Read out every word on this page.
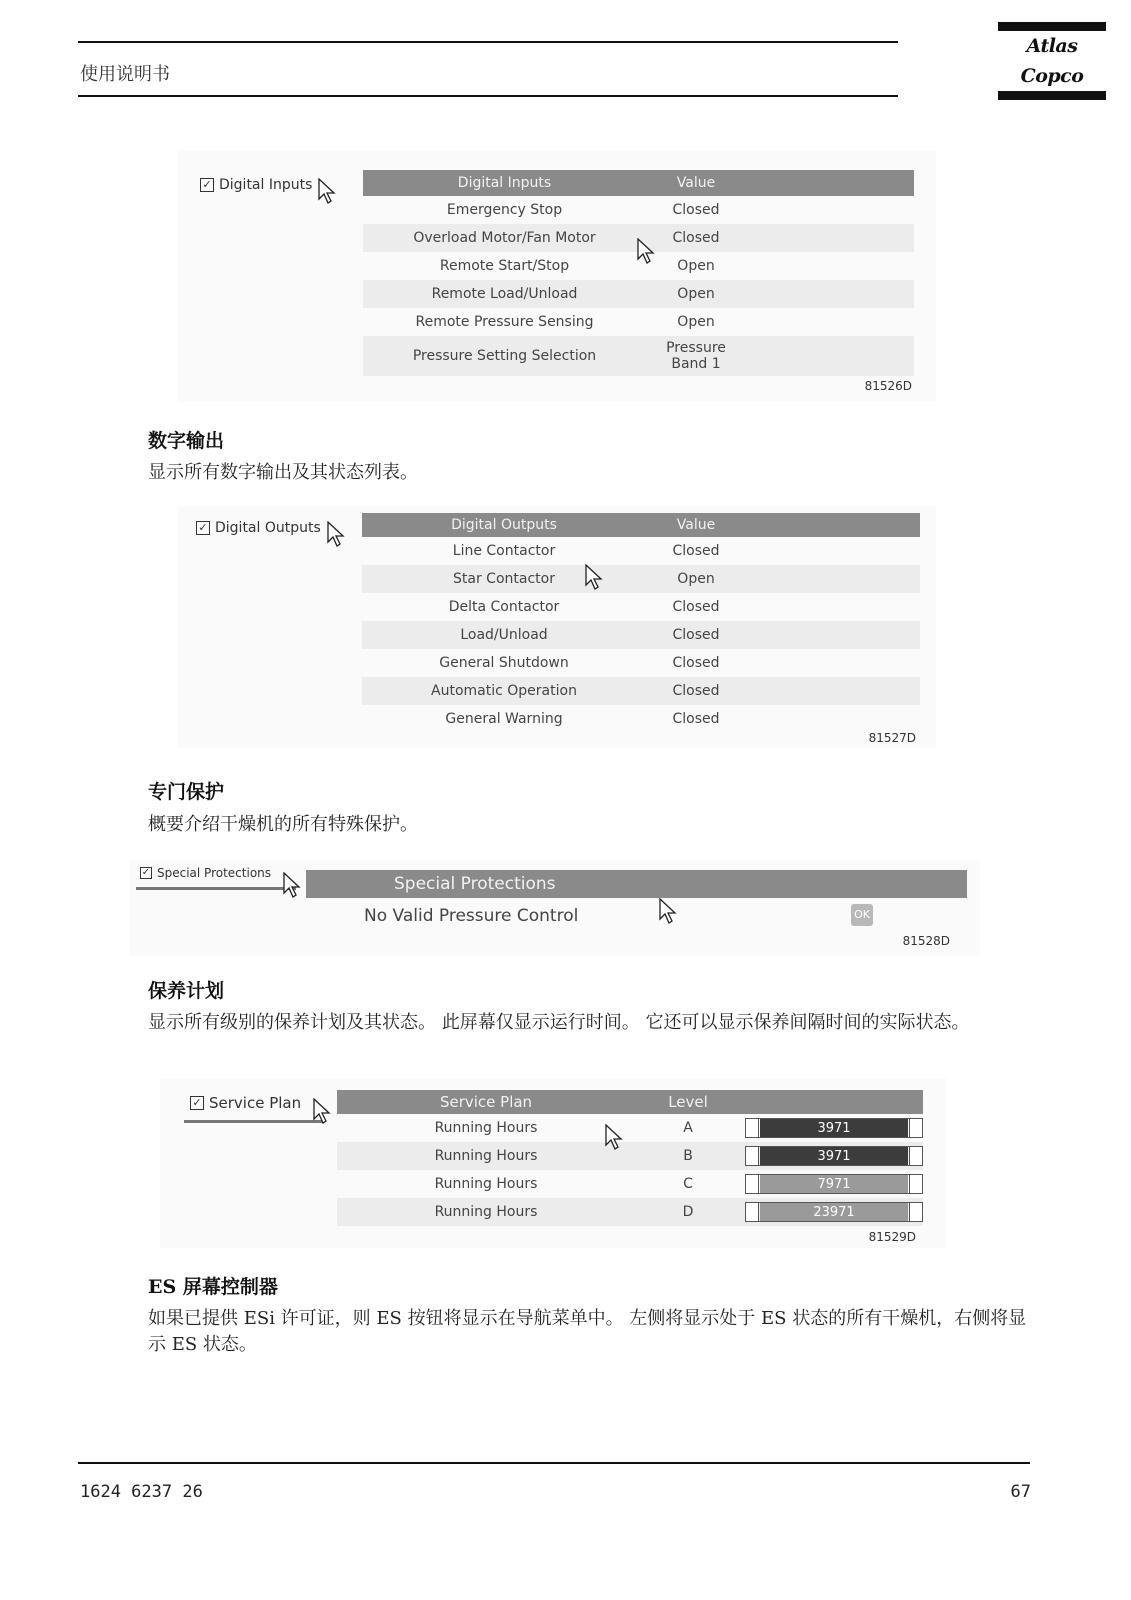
使用说明书
Atlas Copco
✓ Digital Inputs	Digital Inputs	Value
Emergency Stop	Closed
Overload Motor/Fan Motor	Closed
Remote Start/Stop	Open
Remote Load/Unload	Open
Remote Pressure Sensing	Open
Pressure Setting Selection	Pressure
Band 1
81526D
数字输出
显示所有数字输出及其状态列表。
✓ Digital Outputs	Digital Outputs	Value
Line Contactor	Closed
Star Contactor	Open
Delta Contactor	Closed
Load/Unload	Closed
General Shutdown	Closed
Automatic Operation	Closed
General Warning	Closed
81527D
专门保护
概要介绍干燥机的所有特殊保护。
✓ Special Protections
Special Protections
No Valid Pressure Control	OK
81528D
保养计划
显示所有级别的保养计划及其状态。 此屏幕仅显示运行时间。 它还可以显示保养间隔时间的实际状态。
✓ Service Plan	Service Plan	Level
Running Hours	A	3971
Running Hours	B	3971
Running Hours	C	7971
Running Hours	D	23971
81529D
ES 屏幕控制器
如果已提供 ESi 许可证，则 ES 按钮将显示在导航菜单中。 左侧将显示处于 ES 状态的所有干燥机，右侧将显示 ES 状态。
1624 6237 26	67
